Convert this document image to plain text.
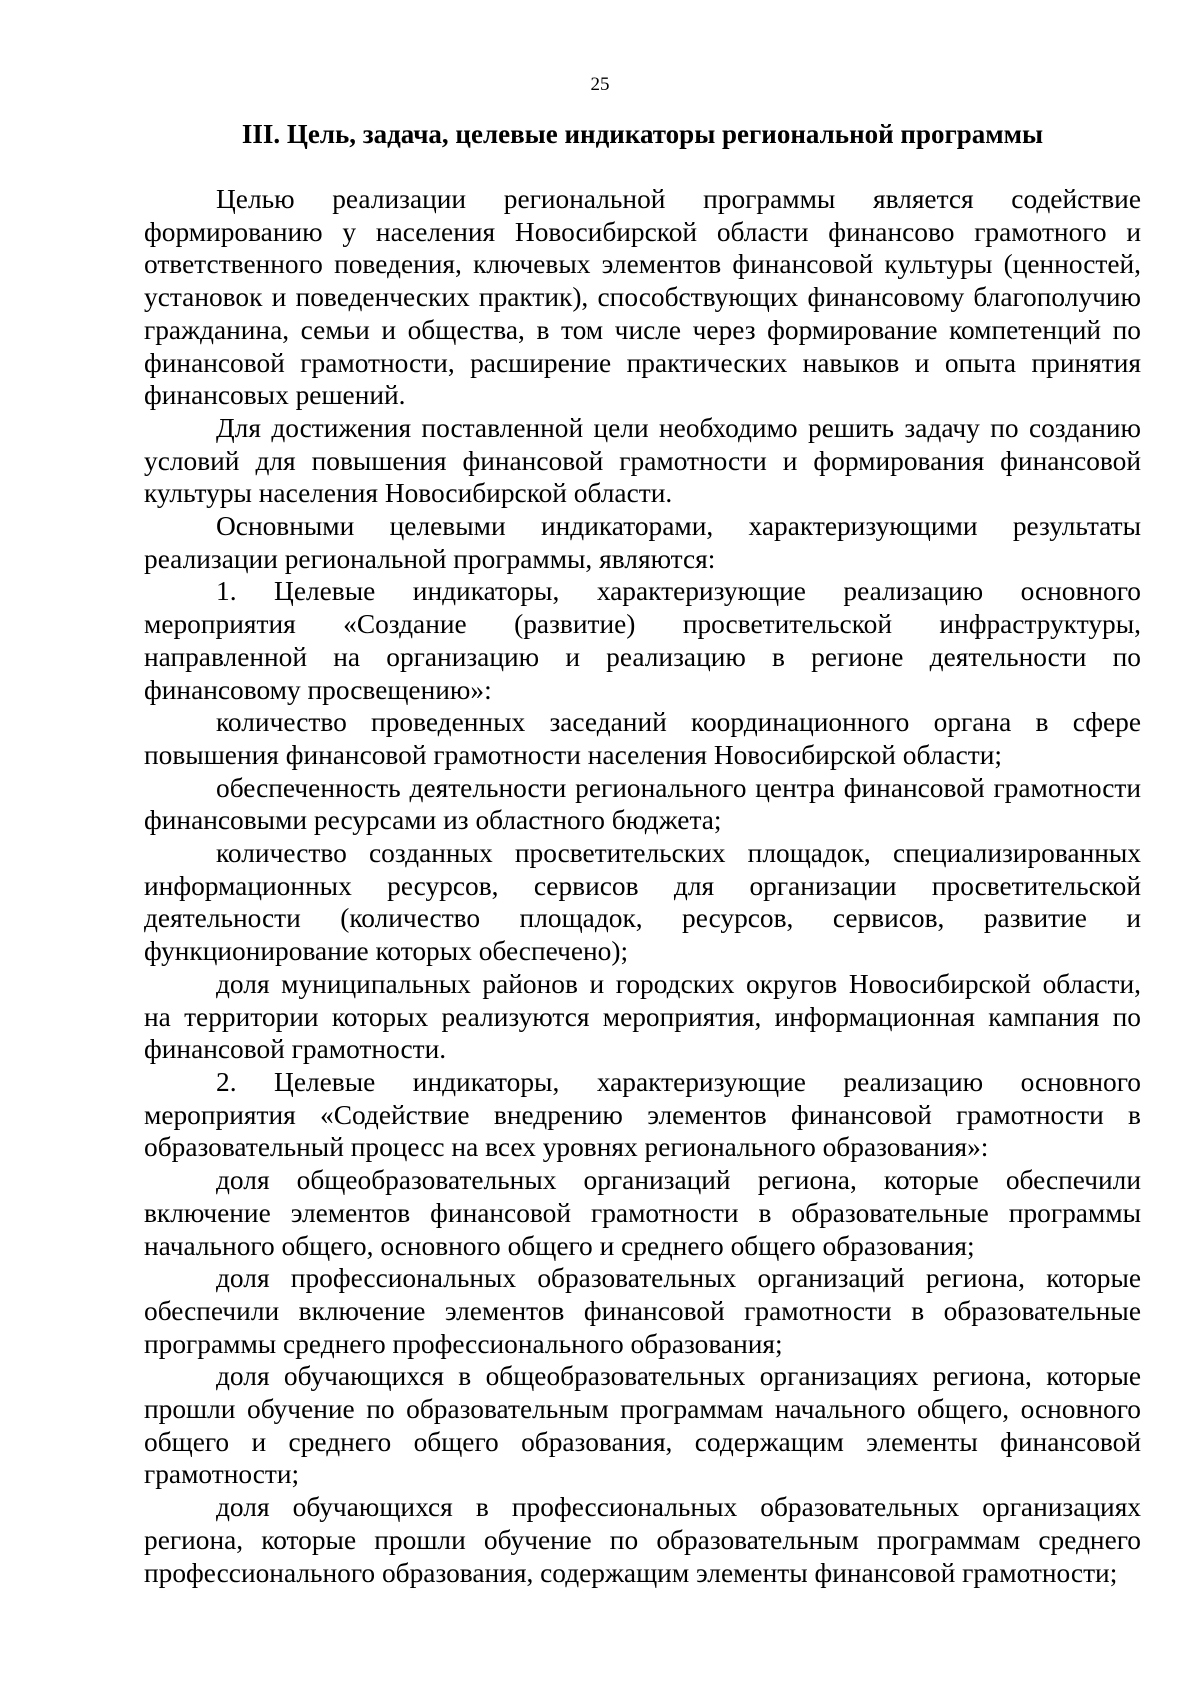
25
III. Цель, задача, целевые индикаторы региональной программы

Целью реализации региональной программы является содействие формированию у населения Новосибирской области финансово грамотного и ответственного поведения, ключевых элементов финансовой культуры (ценностей, установок и поведенческих практик), способствующих финансовому благополучию гражданина, семьи и общества, в том числе через формирование компетенций по финансовой грамотности, расширение практических навыков и опыта принятия финансовых решений.

Для достижения поставленной цели необходимо решить задачу по созданию условий для повышения финансовой грамотности и формирования финансовой культуры населения Новосибирской области.

Основными целевыми индикаторами, характеризующими результаты реализации региональной программы, являются:

1. Целевые индикаторы, характеризующие реализацию основного мероприятия «Создание (развитие) просветительской инфраструктуры, направленной на организацию и реализацию в регионе деятельности по финансовому просвещению»:

количество проведенных заседаний координационного органа в сфере повышения финансовой грамотности населения Новосибирской области;

обеспеченность деятельности регионального центра финансовой грамотности финансовыми ресурсами из областного бюджета;

количество созданных просветительских площадок, специализированных информационных ресурсов, сервисов для организации просветительской деятельности (количество площадок, ресурсов, сервисов, развитие и функционирование которых обеспечено);

доля муниципальных районов и городских округов Новосибирской области, на территории которых реализуются мероприятия, информационная кампания по финансовой грамотности.

2. Целевые индикаторы, характеризующие реализацию основного мероприятия «Содействие внедрению элементов финансовой грамотности в образовательный процесс на всех уровнях регионального образования»:

доля общеобразовательных организаций региона, которые обеспечили включение элементов финансовой грамотности в образовательные программы начального общего, основного общего и среднего общего образования;

доля профессиональных образовательных организаций региона, которые обеспечили включение элементов финансовой грамотности в образовательные программы среднего профессионального образования;

доля обучающихся в общеобразовательных организациях региона, которые прошли обучение по образовательным программам начального общего, основного общего и среднего общего образования, содержащим элементы финансовой грамотности;

доля обучающихся в профессиональных образовательных организациях региона, которые прошли обучение по образовательным программам среднего профессионального образования, содержащим элементы финансовой грамотности;
